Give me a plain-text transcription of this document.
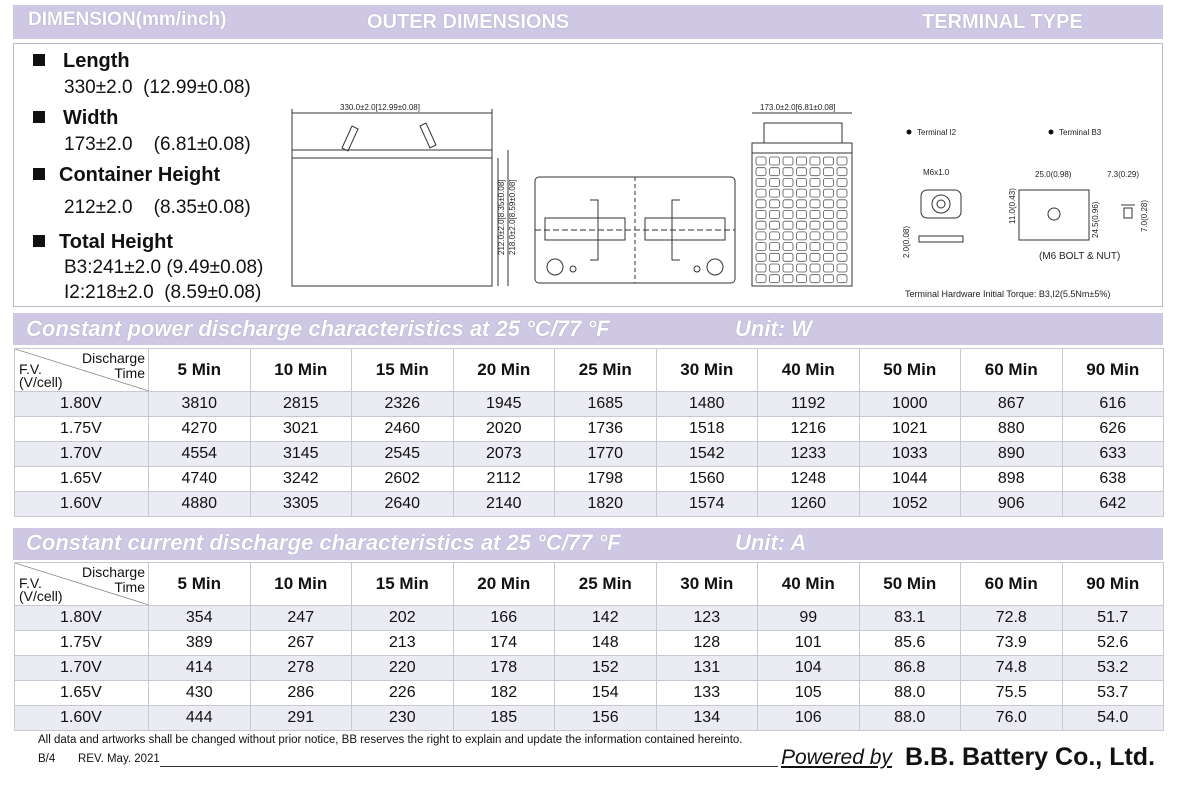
DIMENSION(mm/inch)	OUTER DIMENSIONS	TERMINAL TYPE
Length
330±2.0 (12.99±0.08)
Width
173±2.0 (6.81±0.08)
Container Height
212±2.0 (8.35±0.08)
Total Height
B3:241±2.0 (9.49±0.08)
I2:218±2.0 (8.59±0.08)
330.0±2.0[12.99±0.08]
212.0±2.0[8.35±0.08] 218.0±2.0[8.59±0.08]
173.0±2.0[6.81±0.08]
Terminal I2	Terminal B3
M6x1.0
2.0(0.08)
25.0(0.98)	7.3(0.29)
11.0(0.43)	24.5(0.96)	7.0(0.28)
(M6 BOLT & NUT)
Terminal Hardware Initial Torque: B3,I2(5.5Nm±5%)
Constant power discharge characteristics at 25 °C/77 °F	Unit: W
Discharge
Time
F.V.
(V/cell)	5 Min	10 Min	15 Min	20 Min	25 Min	30 Min	40 Min	50 Min	60 Min	90 Min
1.80V	3810	2815	2326	1945	1685	1480	1192	1000	867	616
1.75V	4270	3021	2460	2020	1736	1518	1216	1021	880	626
1.70V	4554	3145	2545	2073	1770	1542	1233	1033	890	633
1.65V	4740	3242	2602	2112	1798	1560	1248	1044	898	638
1.60V	4880	3305	2640	2140	1820	1574	1260	1052	906	642
Constant current discharge characteristics at 25 °C/77 °F	Unit: A
Discharge
Time
F.V.
(V/cell)	5 Min	10 Min	15 Min	20 Min	25 Min	30 Min	40 Min	50 Min	60 Min	90 Min
1.80V	354	247	202	166	142	123	99	83.1	72.8	51.7
1.75V	389	267	213	174	148	128	101	85.6	73.9	52.6
1.70V	414	278	220	178	152	131	104	86.8	74.8	53.2
1.65V	430	286	226	182	154	133	105	88.0	75.5	53.7
1.60V	444	291	230	185	156	134	106	88.0	76.0	54.0
All data and artworks shall be changed without prior notice, BB reserves the right to explain and update the information contained hereinto.
B/4 REV. May. 2021	Powered by B.B. Battery Co., Ltd.
